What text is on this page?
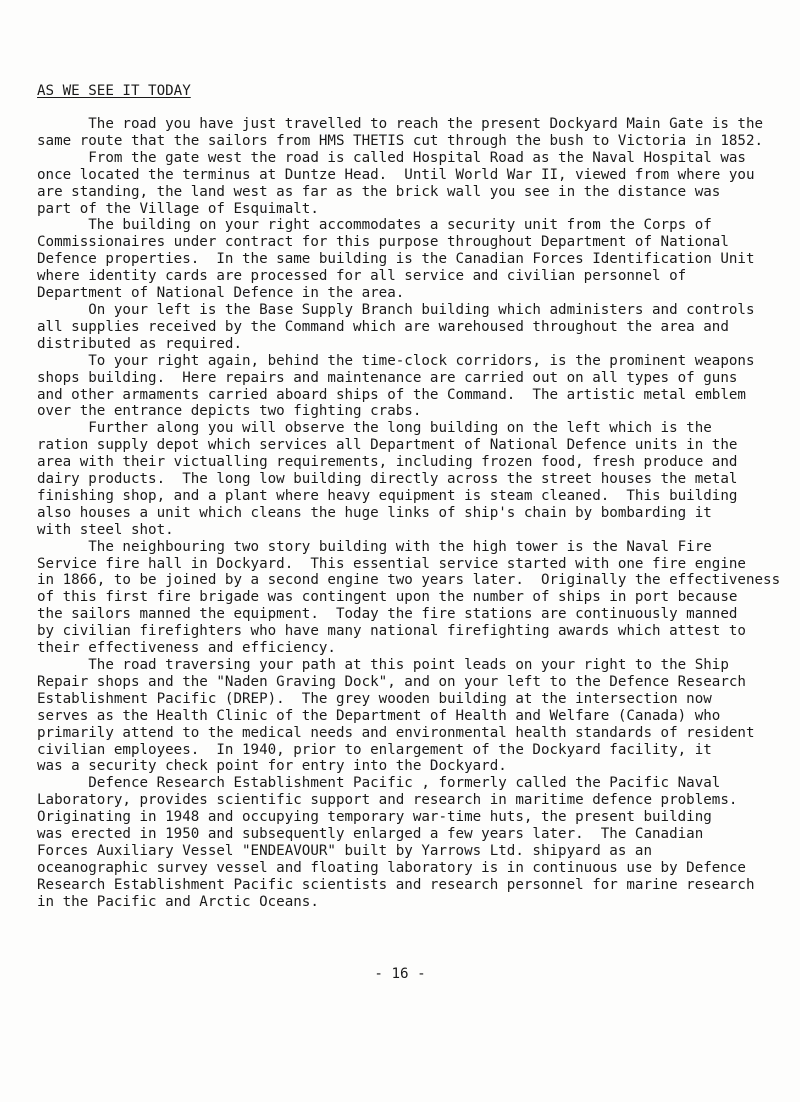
AS WE SEE IT TODAY
The road you have just travelled to reach the present Dockyard Main Gate is the
same route that the sailors from HMS THETIS cut through the bush to Victoria in 1852.
From the gate west the road is called Hospital Road as the Naval Hospital was
once located the terminus at Duntze Head.  Until World War II, viewed from where you
are standing, the land west as far as the brick wall you see in the distance was
part of the Village of Esquimalt.
The building on your right accommodates a security unit from the Corps of
Commissionaires under contract for this purpose throughout Department of National
Defence properties.  In the same building is the Canadian Forces Identification Unit
where identity cards are processed for all service and civilian personnel of
Department of National Defence in the area.
On your left is the Base Supply Branch building which administers and controls
all supplies received by the Command which are warehoused throughout the area and
distributed as required.
To your right again, behind the time-clock corridors, is the prominent weapons
shops building.  Here repairs and maintenance are carried out on all types of guns
and other armaments carried aboard ships of the Command.  The artistic metal emblem
over the entrance depicts two fighting crabs.
Further along you will observe the long building on the left which is the
ration supply depot which services all Department of National Defence units in the
area with their victualling requirements, including frozen food, fresh produce and
dairy products.  The long low building directly across the street houses the metal
finishing shop, and a plant where heavy equipment is steam cleaned.  This building
also houses a unit which cleans the huge links of ship's chain by bombarding it
with steel shot.
The neighbouring two story building with the high tower is the Naval Fire
Service fire hall in Dockyard.  This essential service started with one fire engine
in 1866, to be joined by a second engine two years later.  Originally the effectiveness
of this first fire brigade was contingent upon the number of ships in port because
the sailors manned the equipment.  Today the fire stations are continuously manned
by civilian firefighters who have many national firefighting awards which attest to
their effectiveness and efficiency.
The road traversing your path at this point leads on your right to the Ship
Repair shops and the "Naden Graving Dock", and on your left to the Defence Research
Establishment Pacific (DREP).  The grey wooden building at the intersection now
serves as the Health Clinic of the Department of Health and Welfare (Canada) who
primarily attend to the medical needs and environmental health standards of resident
civilian employees.  In 1940, prior to enlargement of the Dockyard facility, it
was a security check point for entry into the Dockyard.
Defence Research Establishment Pacific , formerly called the Pacific Naval
Laboratory, provides scientific support and research in maritime defence problems.
Originating in 1948 and occupying temporary war-time huts, the present building
was erected in 1950 and subsequently enlarged a few years later.  The Canadian
Forces Auxiliary Vessel "ENDEAVOUR" built by Yarrows Ltd. shipyard as an
oceanographic survey vessel and floating laboratory is in continuous use by Defence
Research Establishment Pacific scientists and research personnel for marine research
in the Pacific and Arctic Oceans.
- 16 -
